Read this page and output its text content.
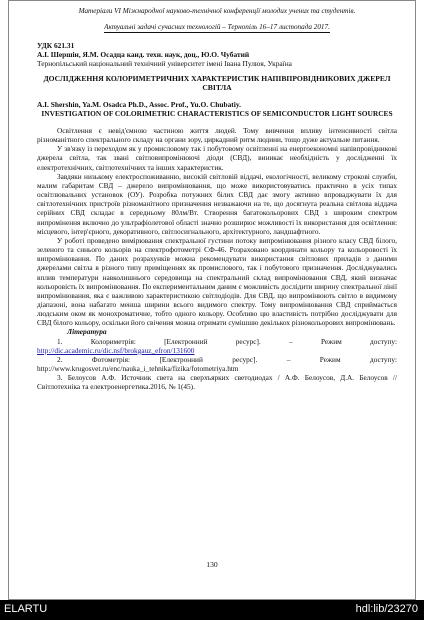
Матеріали VI Міжнародної науково-технічної конференції молодих учених та студентів.
Актуальні задачі сучасних технологій – Тернопіль 16–17 листопада 2017.
УДК 621.31
А.І. Шершін, Я.М. Осадца канд. техн. наук, доц., Ю.О. Чубатий
Тернопільський національний технічний університет імені Івана Пулюя, Україна
ДОСЛІДЖЕННЯ КОЛОРИМЕТРИЧНИХ ХАРАКТЕРИСТИК НАПІВПРОВІДНИКОВИХ ДЖЕРЕЛ СВІТЛА
A.I. Shershin, Ya.M. Osadca Ph.D., Assoc. Prof., Yu.O. Chubatiy.
INVESTIGATION OF COLORIMETRIC CHARACTERISTICS OF SEMICONDUCTOR LIGHT SOURCES

Освітлення є невід'ємною частиною життя людей. Тому вивчення впливу інтенсивності світла різноманітного спектрального складу на органи зору, циркадний ритм людини, тощо дуже актуальне питання.

У зв'язку із переходом як у промисловому так і побутовому освітленні на енергоекономні напівпровідникові джерела світла, так звані світловипромінюючі діоди (СВД), виникає необхідність у дослідженні їх електротехнічних, світлотехнічних та інших характеристик.

Завдяки низькому електроспоживанню, високій світловій віддачі, екологічності, великому строкові служби, малим габаритам СВД – джерело випромінювання, що може використовуватись практично в усіх типах освітлювальних установок (ОУ). Розробка потужних білих СВД дає змогу активно впроваджувати їх для світлотехнічних пристроїв різноманітного призначення незважаючи на те, що досягнута реальна світлова віддача серійних СВД складає в середньому 80лм/Вт. Створення багатокольорових СВД з широким спектром випромінення включно до ультрафіолетової області значно розширює можливості їх використання для освітлення: місцевого, інтер'єрного, декоративного, світлосигнального, архітектурного, ландшафтного.

У роботі проведено вимірювання спектральної густини потоку випромінювання різного класу СВД білого, зеленого та синього кольорів на спектрофотометрі СФ-46. Розраховано координати кольору та кольоровості їх випромінювання. По даних розрахунків можна рекомендувати використання світлових приладів з даними джерелами світла в різного типу приміщеннях як промислового, так і побутового призначення. Досліджувались вплив температури навколишнього середовища на спектральний склад випромінювання СВД, який визначає кольоровість їх випромінювання. По експериментальним даним є можливість дослідити ширину спектральної лінії випромінювання, яка є важливою характеристикою світлодіодів. Для СВД, що випромінюють світло в видимому діапазоні, вона набагато менша ширини всього видимого спектру. Тому випромінювання СВД сприймається людським оком як монохроматичне, тобто одного кольору. Особливо цю властивість потрібно досліджувати для СВД білого кольору, оскільки його свічення можна отримати сумішшю декількох різнокольорових випромінювань.

Література

1.	Колориметрія: [Електронний ресурс]. – Режим доступу: http://dic.academic.ru/dic.nsf/brokgauz_efron/131600

2.	Фотометрія: [Електронний ресурс]. – Режим доступу: http://www.krugosvet.ru/enc/nauka_i_tehnika/fizika/fotometriya.htm

3. Белоусов А.Ф. Источник света на сверхъярких светодиодах / А.Ф. Белоусов, Д.А. Белоусов // Світлотехніка та електроенергетика.2016, № 1(45).

130
ELARTU	hdl:lib/23270
